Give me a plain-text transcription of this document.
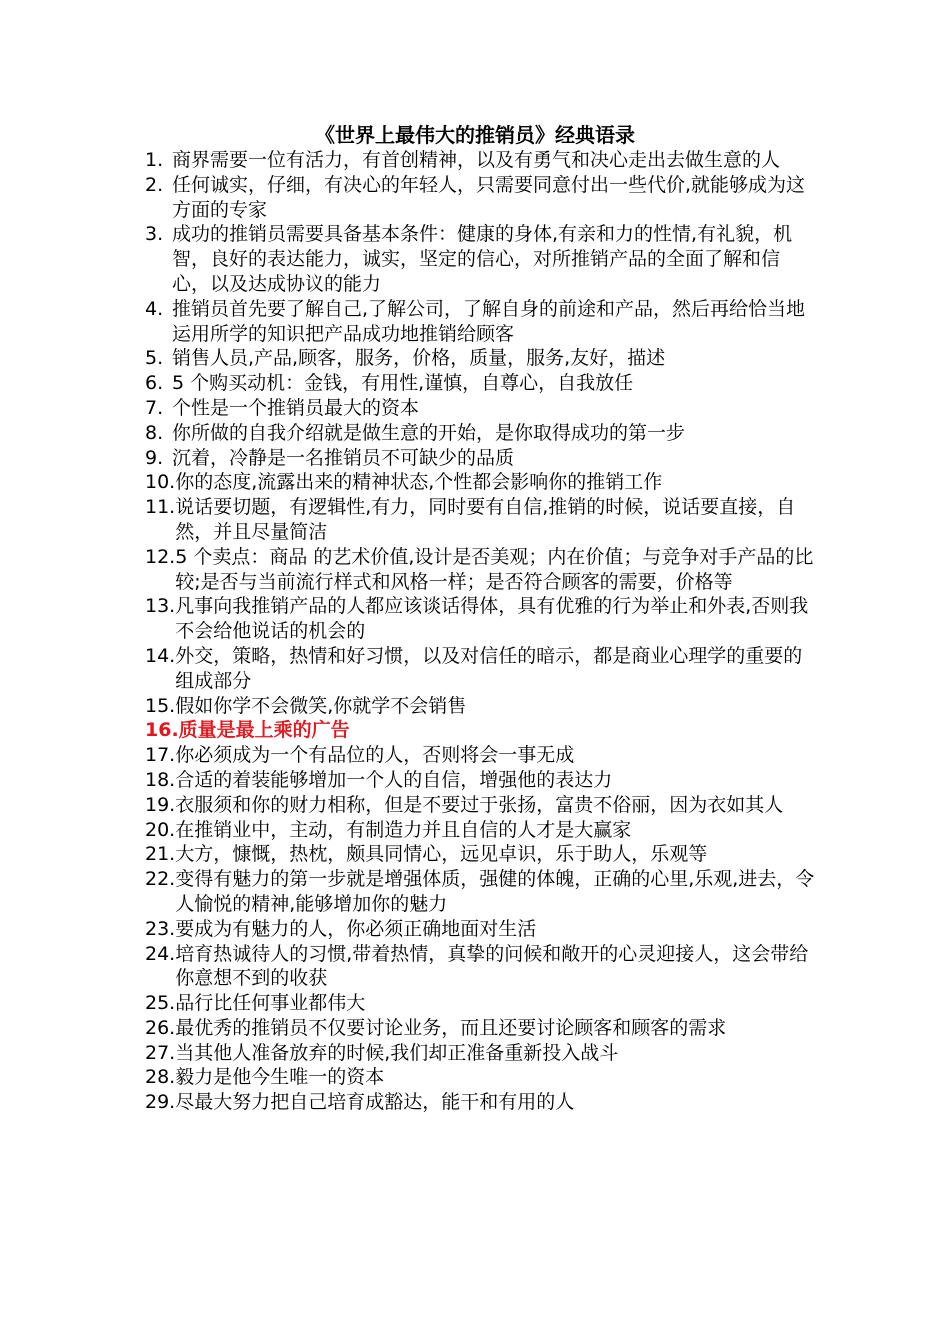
《世界上最伟大的推销员》经典语录
1. 商界需要一位有活力，有首创精神，以及有勇气和决心走出去做生意的人
2. 任何诚实，仔细，有决心的年轻人，只需要同意付出一些代价,就能够成为这方面的专家
3. 成功的推销员需要具备基本条件：健康的身体,有亲和力的性情,有礼貌，机智，良好的表达能力，诚实，坚定的信心，对所推销产品的全面了解和信心，以及达成协议的能力
4. 推销员首先要了解自己,了解公司，了解自身的前途和产品，然后再给恰当地运用所学的知识把产品成功地推销给顾客
5. 销售人员,产品,顾客，服务，价格，质量，服务,友好，描述
6. 5 个购买动机：金钱，有用性,谨慎，自尊心，自我放任
7. 个性是一个推销员最大的资本
8. 你所做的自我介绍就是做生意的开始，是你取得成功的第一步
9. 沉着，冷静是一名推销员不可缺少的品质
10. 你的态度,流露出来的精神状态,个性都会影响你的推销工作
11. 说话要切题，有逻辑性,有力，同时要有自信,推销的时候，说话要直接，自然，并且尽量简洁
12. 5 个卖点：商品 的艺术价值,设计是否美观；内在价值；与竞争对手产品的比较;是否与当前流行样式和风格一样；是否符合顾客的需要，价格等
13. 凡事向我推销产品的人都应该谈话得体，具有优雅的行为举止和外表,否则我不会给他说话的机会的
14. 外交，策略，热情和好习惯，以及对信任的暗示，都是商业心理学的重要的组成部分
15. 假如你学不会微笑,你就学不会销售
16. 质量是最上乘的广告
17. 你必须成为一个有品位的人，否则将会一事无成
18. 合适的着装能够增加一个人的自信，增强他的表达力
19. 衣服须和你的财力相称，但是不要过于张扬，富贵不俗丽，因为衣如其人
20. 在推销业中，主动，有制造力并且自信的人才是大赢家
21. 大方，慷慨，热枕，颇具同情心，远见卓识，乐于助人，乐观等
22. 变得有魅力的第一步就是增强体质，强健的体魄，正确的心里,乐观,进去，令人愉悦的精神,能够增加你的魅力
23. 要成为有魅力的人，你必须正确地面对生活
24. 培育热诚待人的习惯,带着热情，真挚的问候和敞开的心灵迎接人，这会带给你意想不到的收获
25. 品行比任何事业都伟大
26. 最优秀的推销员不仅要讨论业务，而且还要讨论顾客和顾客的需求
27. 当其他人准备放弃的时候,我们却正准备重新投入战斗
28. 毅力是他今生唯一的资本
29. 尽最大努力把自己培育成豁达，能干和有用的人
